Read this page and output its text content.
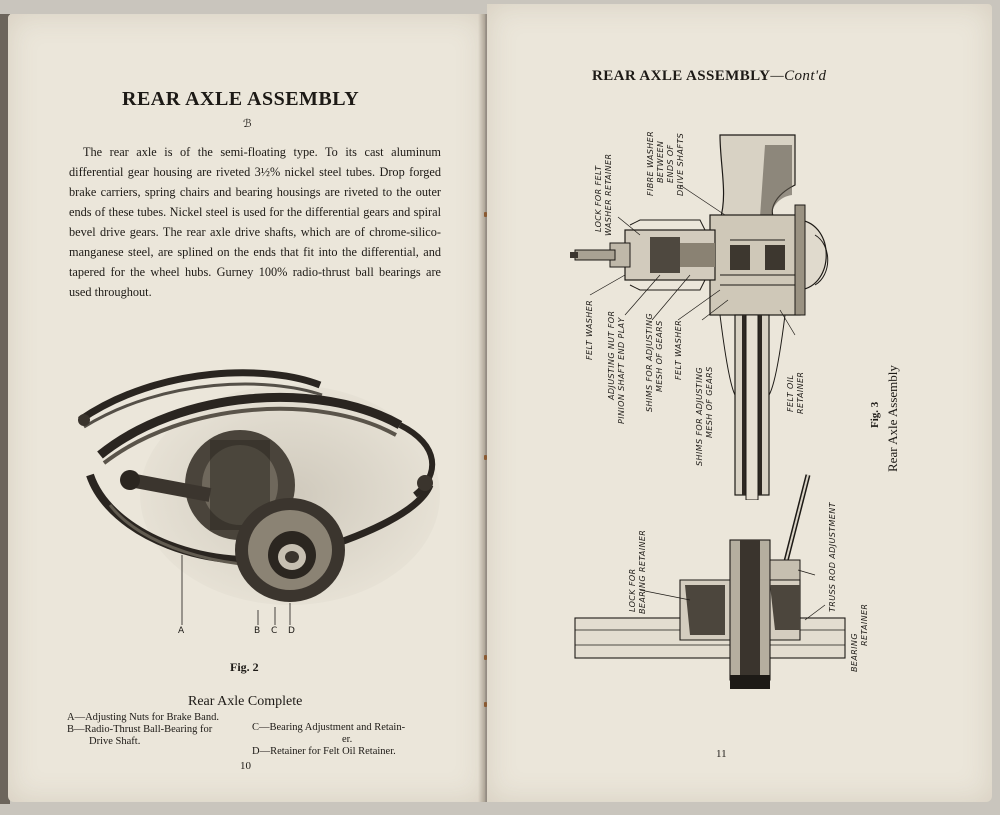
REAR AXLE ASSEMBLY
ℬ
The rear axle is of the semi-floating type. To its cast aluminum differential gear housing are riveted 3½% nickel steel tubes. Drop forged brake carriers, spring chairs and bearing housings are riveted to the outer ends of these tubes. Nickel steel is used for the differential gears and spiral bevel drive gears. The rear axle drive shafts, which are of chrome-silico-manganese steel, are splined on the ends that fit into the differential, and tapered for the wheel hubs. Gurney 100% radio-thrust ball bearings are used throughout.
A	B C D
Fig. 2
Rear Axle Complete

A—Adjusting Nuts for Brake Band.

B—Radio-Thrust Ball-Bearing for

Drive Shaft.

C—Bearing Adjustment and Retain-

er.

D—Retainer for Felt Oil Retainer.

10
REAR AXLE ASSEMBLY—Cont'd
LOCK FOR FELT WASHER RETAINER	FIBRE WASHER BETWEEN ENDS OF DRIVE SHAFTS
FELT WASHER ADJUSTING NUT FOR PINION SHAFT END PLAY SHIMS FOR ADJUSTING MESH OF GEARS FELT WASHER
SHIMS FOR ADJUSTING MESH OF GEARS	FELT OIL RETAINER
LOCK FOR BEARING RETAINER	TRUSS ROD ADJUSTMENT
BEARING
RETAINER
Fig. 3 Rear Axle Assembly
11
